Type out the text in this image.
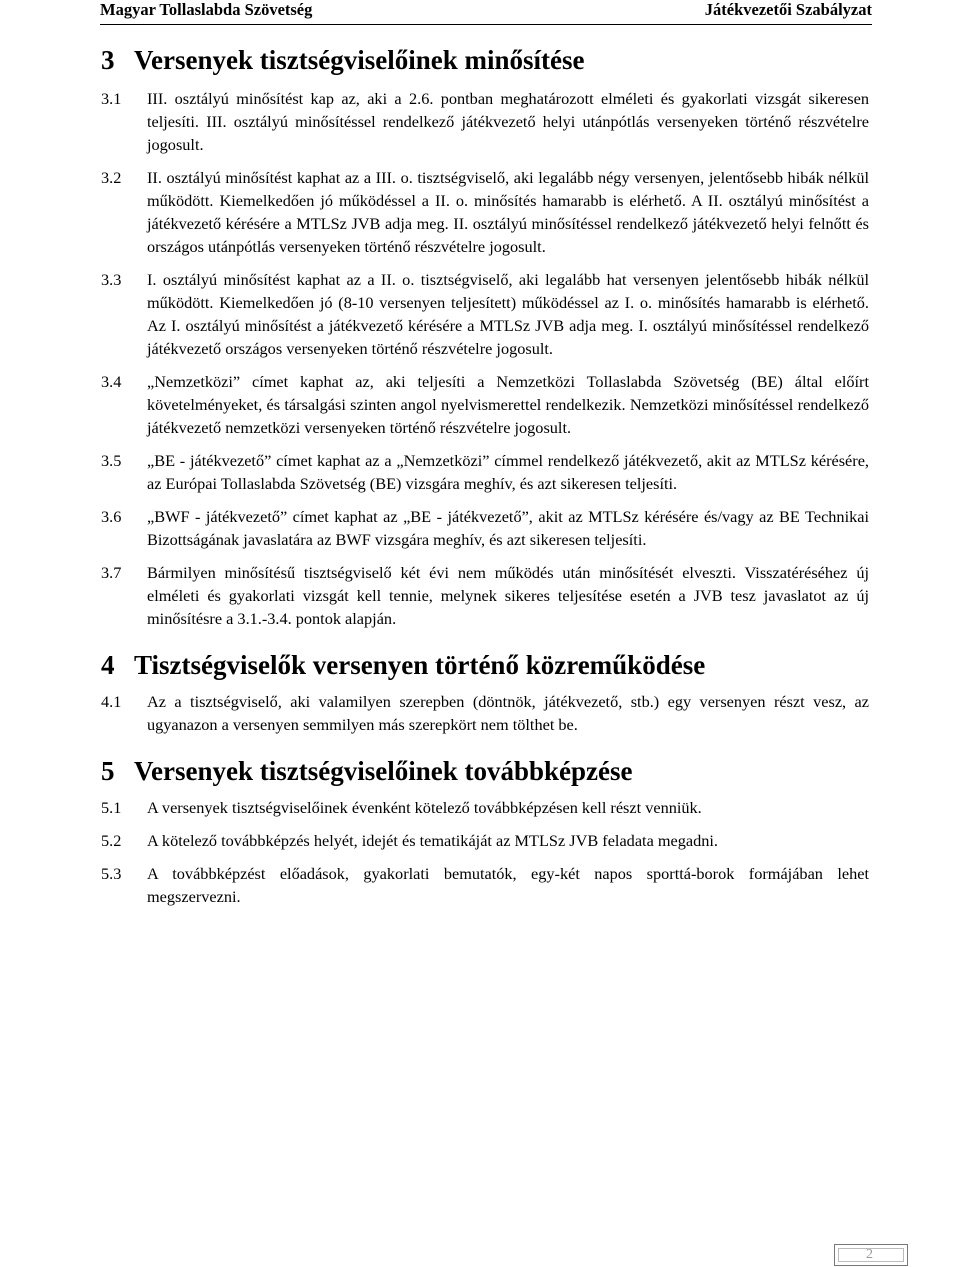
Magyar Tollaslabda Szövetség	Játékvezetői Szabályzat
3 Versenyek tisztségviselőinek minősítése
3.1	III. osztályú minősítést kap az, aki a 2.6. pontban meghatározott elméleti és gyakorlati vizsgát sikeresen teljesíti. III. osztályú minősítéssel rendelkező játékvezető helyi utánpótlás versenyeken történő részvételre jogosult.
3.2	II. osztályú minősítést kaphat az a III. o. tisztségviselő, aki legalább négy versenyen, jelentősebb hibák nélkül működött. Kiemelkedően jó működéssel a II. o. minősítés hamarabb is elérhető. A II. osztályú minősítést a játékvezető kérésére a MTLSz JVB adja meg. II. osztályú minősítéssel rendelkező játékvezető helyi felnőtt és országos utánpótlás versenyeken történő részvételre jogosult.
3.3	I. osztályú minősítést kaphat az a II. o. tisztségviselő, aki legalább hat versenyen jelentősebb hibák nélkül működött. Kiemelkedően jó (8-10 versenyen teljesített) működéssel az I. o. minősítés hamarabb is elérhető. Az I. osztályú minősítést a játékvezető kérésére a MTLSz JVB adja meg. I. osztályú minősítéssel rendelkező játékvezető országos versenyeken történő részvételre jogosult.
3.4	„Nemzetközi” címet kaphat az, aki teljesíti a Nemzetközi Tollaslabda Szövetség (BE) által előírt követelményeket, és társalgási szinten angol nyelvismerettel rendelkezik. Nemzetközi minősítéssel rendelkező játékvezető nemzetközi versenyeken történő részvételre jogosult.
3.5	„BE - játékvezető” címet kaphat az a „Nemzetközi” címmel rendelkező játékvezető, akit az MTLSz kérésére, az Európai Tollaslabda Szövetség (BE) vizsgára meghív, és azt sikeresen teljesíti.
3.6	„BWF - játékvezető” címet kaphat az „BE - játékvezető”, akit az MTLSz kérésére és/vagy az BE Technikai Bizottságának javaslatára az BWF vizsgára meghív, és azt sikeresen teljesíti.
3.7	Bármilyen minősítésű tisztségviselő két évi nem működés után minősítését elveszti. Visszatéréséhez új elméleti és gyakorlati vizsgát kell tennie, melynek sikeres teljesítése esetén a JVB tesz javaslatot az új minősítésre a 3.1.-3.4. pontok alapján.
4 Tisztségviselők versenyen történő közreműködése
4.1	Az a tisztségviselő, aki valamilyen szerepben (döntnök, játékvezető, stb.) egy versenyen részt vesz, az ugyanazon a versenyen semmilyen más szerepkört nem tölthet be.
5 Versenyek tisztségviselőinek továbbképzése
5.1	A versenyek tisztségviselőinek évenként kötelező továbbképzésen kell részt venniük.
5.2	A kötelező továbbképzés helyét, idejét és tematikáját az MTLSz JVB feladata megadni.
5.3	A továbbképzést előadások, gyakorlati bemutatók, egy-két napos sporttá-borok formájában lehet megszervezni.
2
